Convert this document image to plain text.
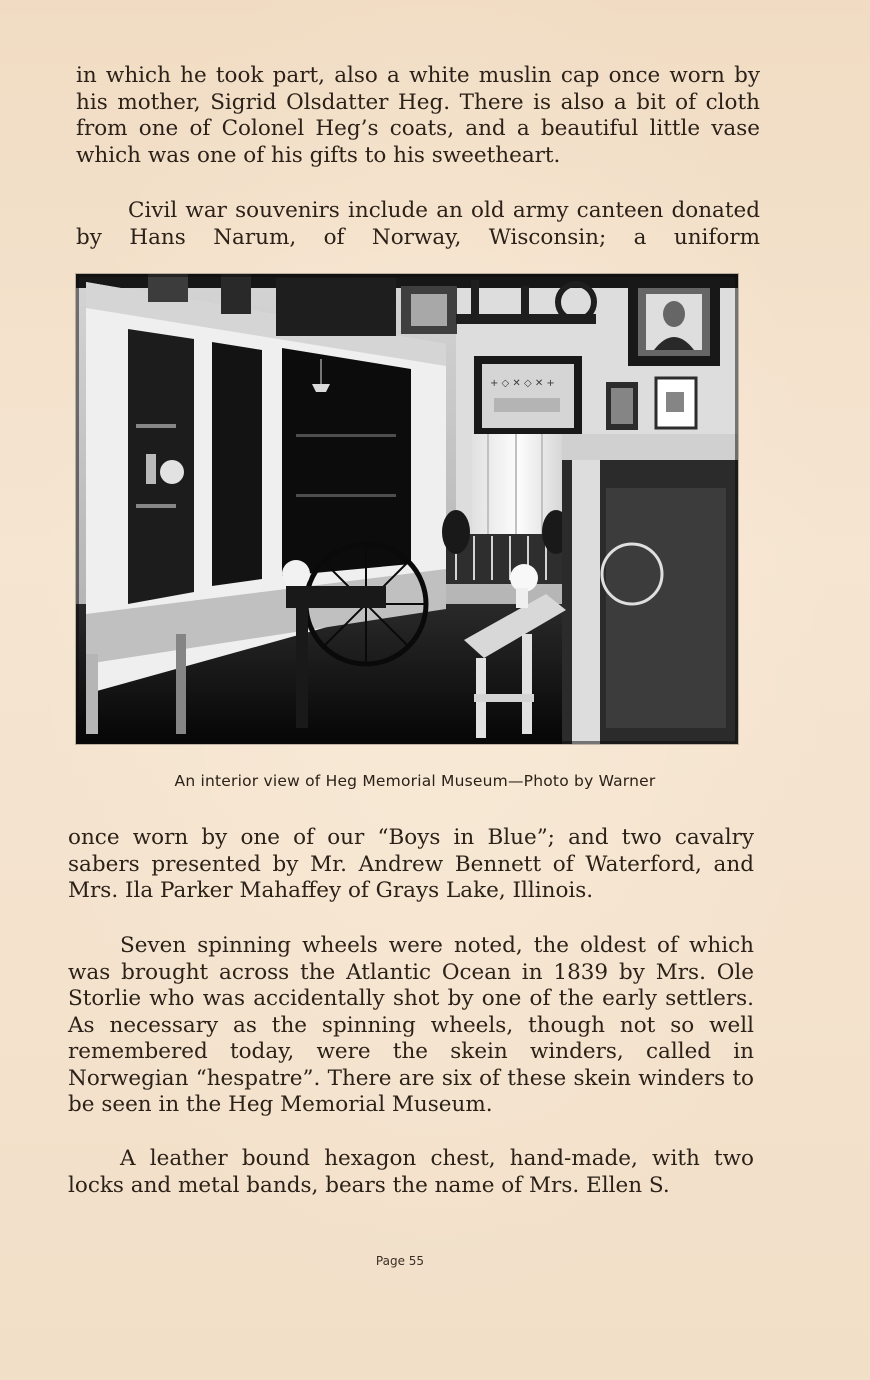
in which he took part, also a white muslin cap once worn by his mother, Sigrid Olsdatter Heg. There is also a bit of cloth from one of Colonel Heg’s coats, and a beautiful little vase which was one of his gifts to his sweetheart.

Civil war souvenirs include an old army canteen donated by Hans Narum, of Norway, Wisconsin; a uniform

+ ◇ ✕ ◇ ✕ +
An interior view of Heg Memorial Museum—Photo by Warner

once worn by one of our “Boys in Blue”; and two cavalry sabers presented by Mr. Andrew Bennett of Waterford, and Mrs. Ila Parker Mahaffey of Grays Lake, Illinois.

Seven spinning wheels were noted, the oldest of which was brought across the Atlantic Ocean in 1839 by Mrs. Ole Storlie who was accidentally shot by one of the early settlers. As necessary as the spinning wheels, though not so well remembered today, were the skein winders, called in Norwegian “hespatre”. There are six of these skein winders to be seen in the Heg Memorial Museum.

A leather bound hexagon chest, hand-made, with two locks and metal bands, bears the name of Mrs. Ellen S.

Page 55
